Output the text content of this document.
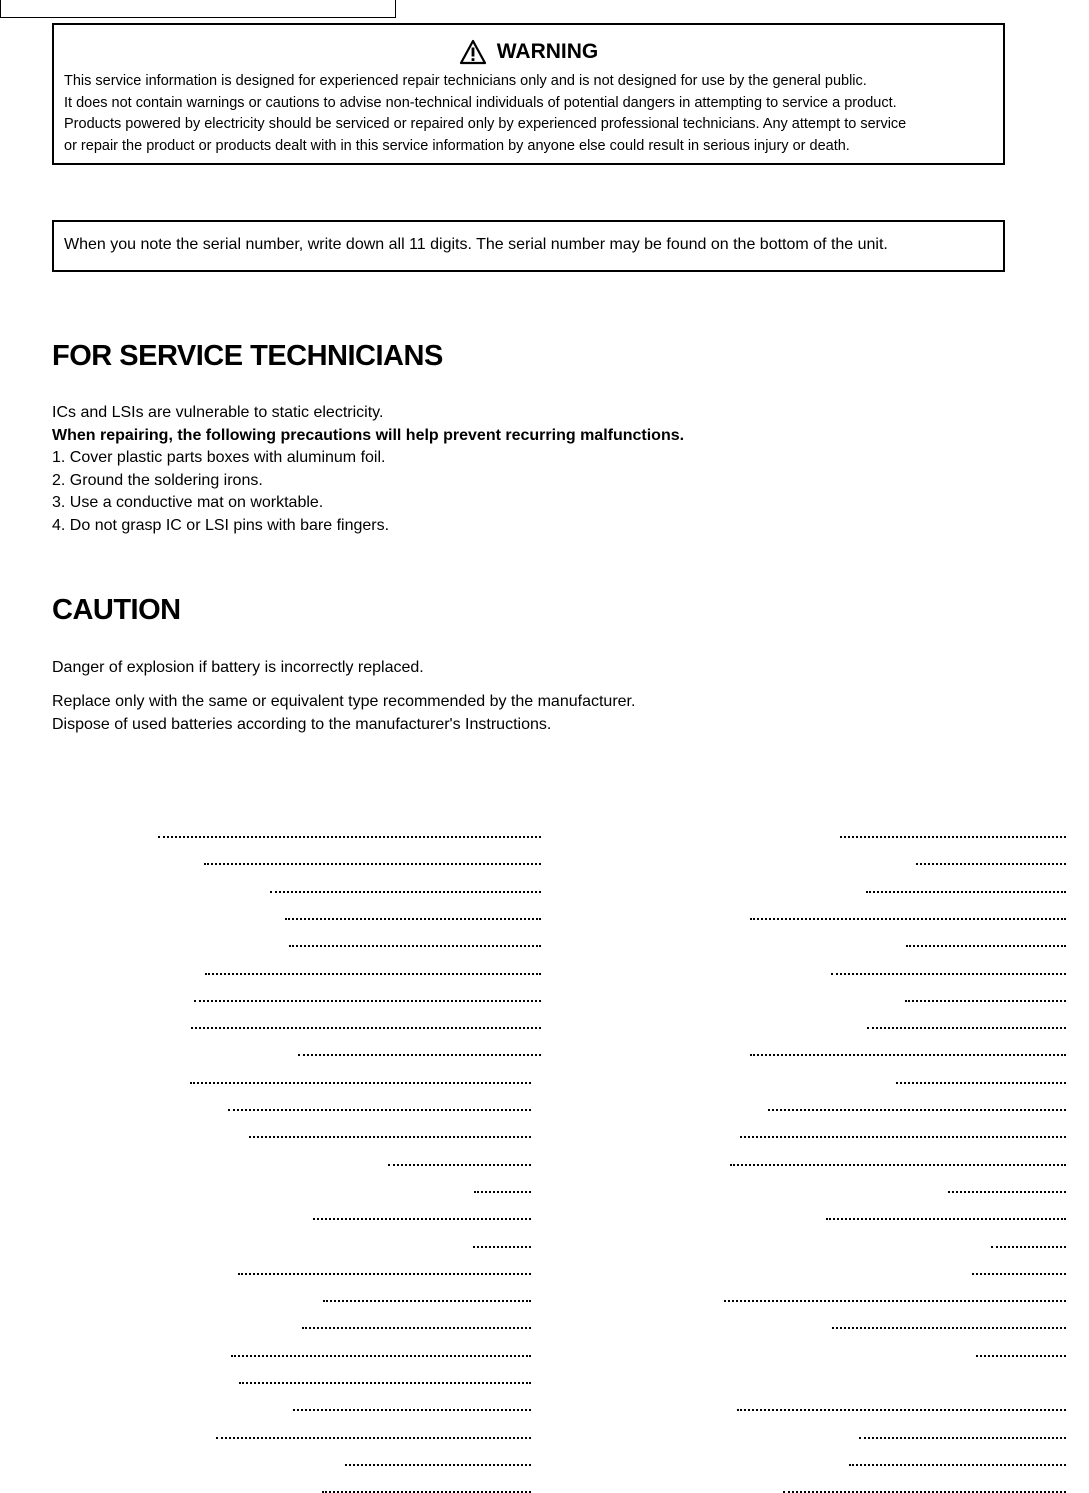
WARNING
This service information is designed for experienced repair technicians only and is not designed for use by the general public.
It does not contain warnings or cautions to advise non-technical individuals of potential dangers in attempting to service a product.
Products powered by electricity should be serviced or repaired only by experienced professional technicians. Any attempt to service
or repair the product or products dealt with in this service information by anyone else could result in serious injury or death.
When you note the serial number, write down all 11 digits. The serial number may be found on the bottom of the unit.
FOR SERVICE TECHNICIANS
ICs and LSIs are vulnerable to static electricity.
When repairing, the following precautions will help prevent recurring malfunctions.
1. Cover plastic parts boxes with aluminum foil.
2. Ground the soldering irons.
3. Use a conductive mat on worktable.
4. Do not grasp IC or LSI pins with bare fingers.
CAUTION
Danger of explosion if battery is incorrectly replaced.
Replace only with the same or equivalent type recommended by the manufacturer.
Dispose of used batteries according to the manufacturer's Instructions.
